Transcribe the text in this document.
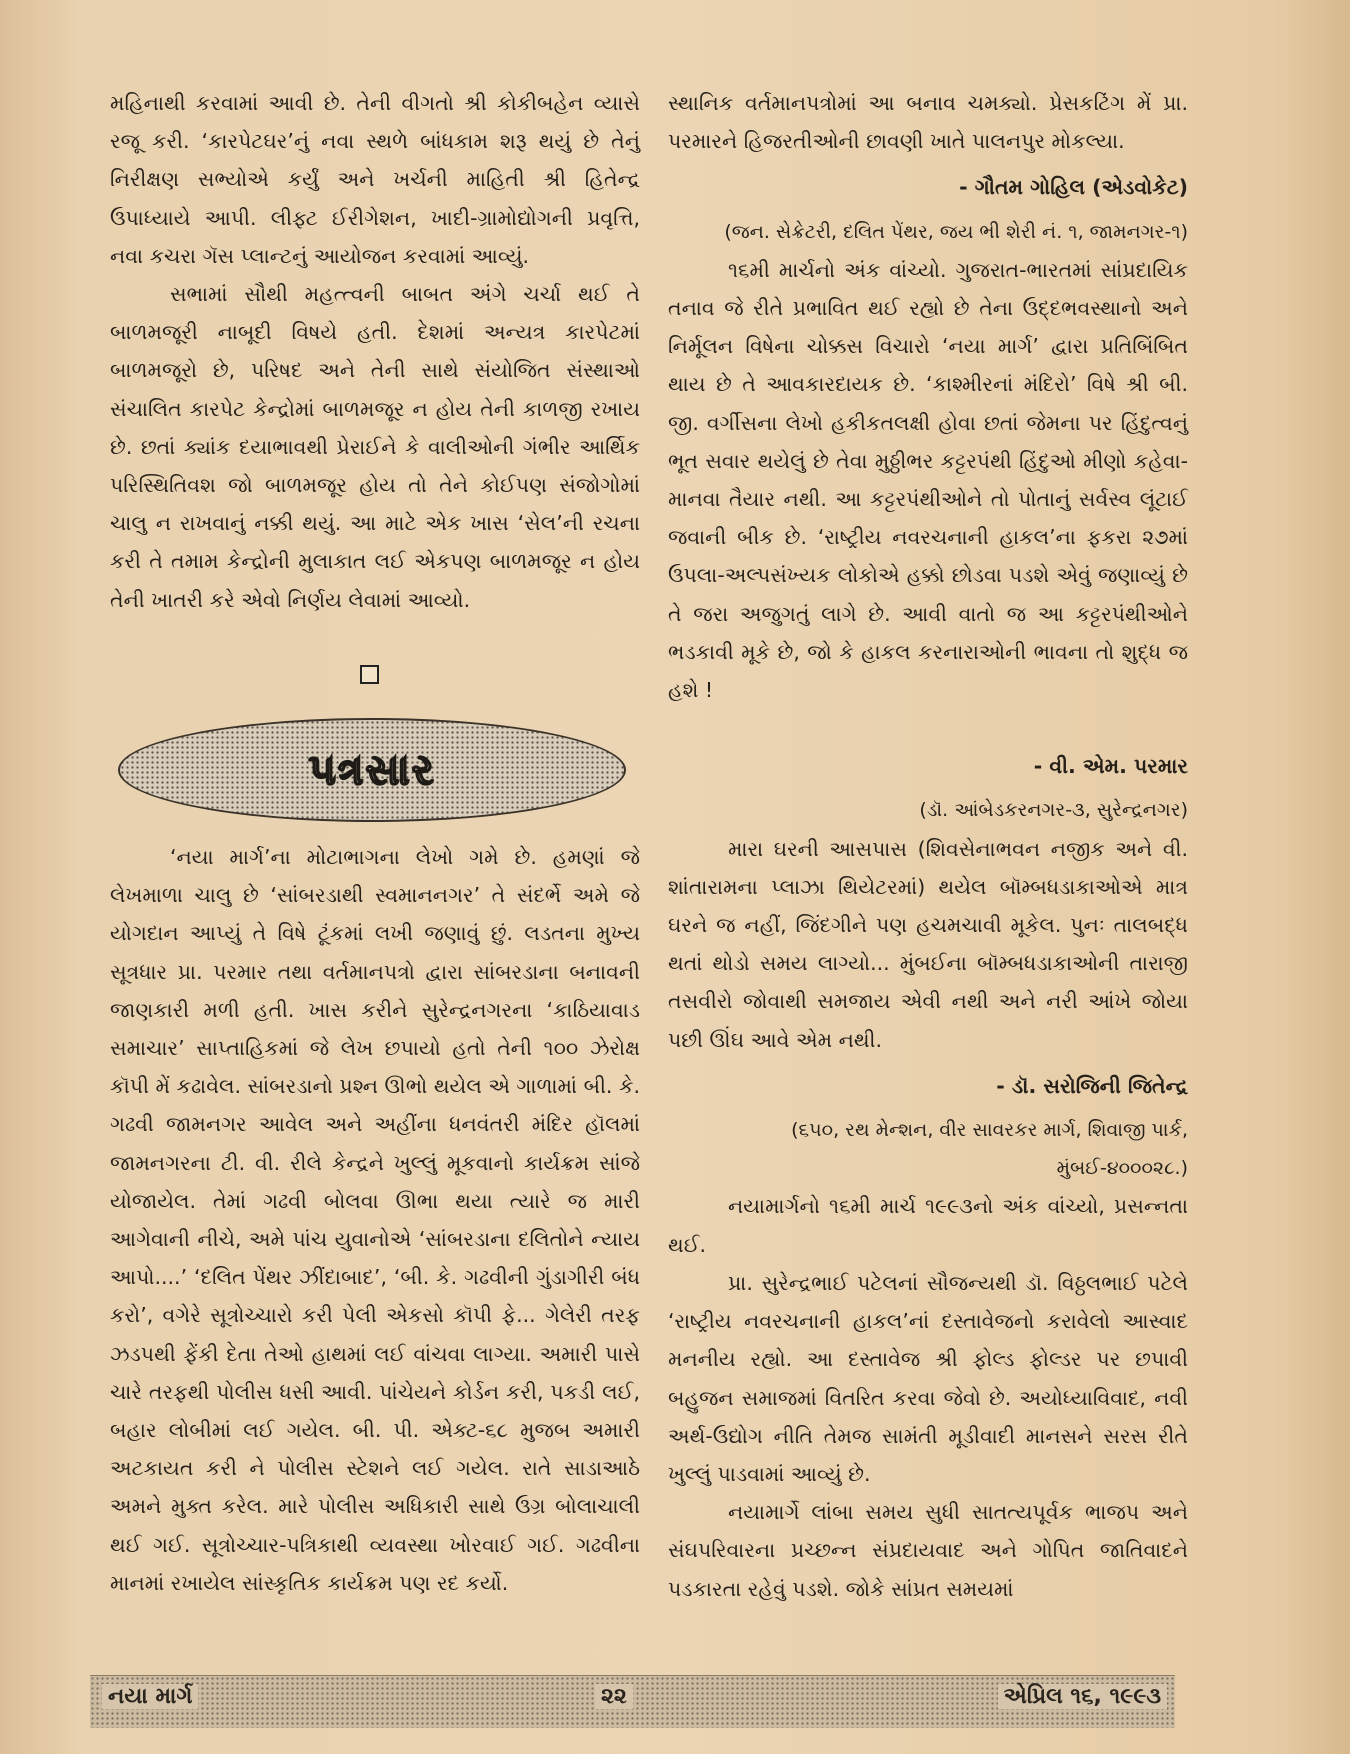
મહિનાથી કરવામાં આવી છે. તેની વીગતો શ્રી કોકીબહેન વ્યાસે રજૂ કરી. ‘કારપેટઘર’નું નવા સ્થળે બાંધકામ શરૂ થયું છે તેનું નિરીક્ષણ સભ્યોએ કર્યું અને ખર્ચની માહિતી શ્રી હિતેન્દ્ર ઉપાધ્યાયે આપી. લીફ્ટ ઈરીગેશન, ખાદી-ગ્રામોદ્યોગની પ્રવૃત્તિ, નવા કચરા ગૅસ પ્લાન્ટનું આયોજન કરવામાં આવ્યું.

સભામાં સૌથી મહત્ત્વની બાબત અંગે ચર્ચા થઈ તે બાળમજૂરી નાબૂદી વિષયે હતી. દેશમાં અન્યત્ર કારપેટમાં બાળમજૂરો છે, પરિષદ અને તેની સાથે સંયોજિત સંસ્થાઓ સંચાલિત કારપેટ કેન્દ્રોમાં બાળમજૂર ન હોય તેની કાળજી રખાય છે. છતાં ક્યાંક દયાભાવથી પ્રેરાઈને કે વાલીઓની ગંભીર આર્થિક પરિસ્થિતિવશ જો બાળમજૂર હોય તો તેને કોઈપણ સંજોગોમાં ચાલુ ન રાખવાનું નક્કી થયું. આ માટે એક ખાસ ‘સેલ’ની રચના કરી તે તમામ કેન્દ્રોની મુલાકાત લઈ એકપણ બાળમજૂર ન હોય તેની ખાતરી કરે એવો નિર્ણય લેવામાં આવ્યો.

પત્રસાર

‘નયા માર્ગ’ના મોટાભાગના લેખો ગમે છે. હમણાં જે લેખમાળા ચાલુ છે ‘સાંબરડાથી સ્વમાનનગર’ તે સંદર્ભે અમે જે યોગદાન આપ્યું તે વિષે ટૂંકમાં લખી જણાવું છું. લડતના મુખ્ય સૂત્રધાર પ્રા. પરમાર તથા વર્તમાનપત્રો દ્વારા સાંબરડાના બનાવની જાણકારી મળી હતી. ખાસ કરીને સુરેન્દ્રનગરના ‘કાઠિયાવાડ સમાચાર’ સાપ્તાહિકમાં જે લેખ છપાયો હતો તેની ૧૦૦ ઝેરોક્ષ કૉપી મેં કઢાવેલ. સાંબરડાનો પ્રશ્ન ઊભો થયેલ એ ગાળામાં બી. કે. ગઢવી જામનગર આવેલ અને અહીંના ધનવંતરી મંદિર હૉલમાં જામનગરના ટી. વી. રીલે કેન્દ્રને ખુલ્લું મૂકવાનો કાર્યક્રમ સાંજે યોજાયેલ. તેમાં ગઢવી બોલવા ઊભા થયા ત્યારે જ મારી આગેવાની નીચે, અમે પાંચ યુવાનોએ ‘સાંબરડાના દલિતોને ન્યાય આપો....’ ‘દલિત પેંથર ઝીંદાબાદ’, ‘બી. કે. ગઢવીની ગુંડાગીરી બંધ કરો’, વગેરે સૂત્રોચ્ચારો કરી પેલી એકસો કૉપી ફે... ગેલેરી તરફ ઝડપથી ફેંકી દેતા તેઓ હાથમાં લઈ વાંચવા લાગ્યા. અમારી પાસે ચારે તરફથી પોલીસ ધસી આવી. પાંચેયને કોર્ડન કરી, પકડી લઈ, બહાર લોબીમાં લઈ ગયેલ. બી. પી. એક્ટ-૬૮ મુજબ અમારી અટકાયત કરી ને પોલીસ સ્ટેશને લઈ ગયેલ. રાતે સાડાઆઠે અમને મુક્ત કરેલ. મારે પોલીસ અધિકારી સાથે ઉગ્ર બોલાચાલી થઈ ગઈ. સૂત્રોચ્ચાર-પત્રિકાથી વ્યવસ્થા ખોરવાઈ ગઈ. ગઢવીના માનમાં રખાયેલ સાંસ્કૃતિક કાર્યક્રમ પણ રદ કર્યો.

સ્થાનિક વર્તમાનપત્રોમાં આ બનાવ ચમક્યો. પ્રેસકટિંગ મેં પ્રા. પરમારને હિજરતીઓની છાવણી ખાતે પાલનપુર મોકલ્યા.

- ગૌતમ ગોહિલ (એડવોકેટ)

(જન. સેક્રેટરી, દલિત પેંથર, જય ભી શેરી નં. ૧, જામનગર-૧)

૧૬મી માર્ચનો અંક વાંચ્યો. ગુજરાત-ભારતમાં સાંપ્રદાયિક તનાવ જે રીતે પ્રભાવિત થઈ રહ્યો છે તેના ઉદ્દભવસ્થાનો અને નિર્મૂલન વિષેના ચોક્કસ વિચારો ‘નયા માર્ગ’ દ્વારા પ્રતિબિંબિત થાય છે તે આવકારદાયક છે. ‘કાશ્મીરનાં મંદિરો’ વિષે શ્રી બી. જી. વર્ગીસના લેખો હકીકતલક્ષી હોવા છતાં જેમના પર હિંદુત્વનું ભૂત સવાર થયેલું છે તેવા મુઠ્ઠીભર કટ્ટરપંથી હિંદુઓ મીણો કહેવા-માનવા તૈયાર નથી. આ કટ્ટરપંથીઓને તો પોતાનું સર્વસ્વ લૂંટાઈ જવાની બીક છે. ‘રાષ્ટ્રીય નવરચનાની હાકલ’ના ફકરા ૨૭માં ઉપલા-અલ્પસંખ્યક લોકોએ હક્કો છોડવા પડશે એવું જણાવ્યું છે તે જરા અજુગતું લાગે છે. આવી વાતો જ આ કટ્ટરપંથીઓને ભડકાવી મૂકે છે, જો કે હાકલ કરનારાઓની ભાવના તો શુદ્ધ જ હશે !

- વી. એમ. પરમાર

(ડૉ. આંબેડકરનગર-૩, સુરેન્દ્રનગર)

મારા ઘરની આસપાસ (શિવસેનાભવન નજીક અને વી. શાંતારામના પ્લાઝા થિયેટરમાં) થયેલ બૉમ્બધડાકાઓએ માત્ર ઘરને જ નહીં, જિંદગીને પણ હચમચાવી મૂકેલ. પુનઃ તાલબદ્ધ થતાં થોડો સમય લાગ્યો... મુંબઈના બૉમ્બધડાકાઓની તારાજી તસવીરો જોવાથી સમજાય એવી નથી અને નરી આંખે જોયા પછી ઊંઘ આવે એમ નથી.

- ડૉ. સરોજિની જિતેન્દ્ર

(૬૫૦, રથ મેન્શન, વીર સાવરકર માર્ગ, શિવાજી પાર્ક, મુંબઈ-૪૦૦૦૨૮.)

નયામાર્ગનો ૧૬મી માર્ચ ૧૯૯૩નો અંક વાંચ્યો, પ્રસન્નતા થઈ.

પ્રા. સુરેન્દ્રભાઈ પટેલનાં સૌજન્યથી ડૉ. વિઠ્ઠલભાઈ પટેલે ‘રાષ્ટ્રીય નવરચનાની હાકલ’નાં દસ્તાવેજનો કરાવેલો આસ્વાદ મનનીય રહ્યો. આ દસ્તાવેજ શ્રી ફોલ્ડ ફોલ્ડર પર છપાવી બહુજન સમાજમાં વિતરિત કરવા જેવો છે. અયોધ્યાવિવાદ, નવી અર્થ-ઉદ્યોગ નીતિ તેમજ સામંતી મૂડીવાદી માનસને સરસ રીતે ખુલ્લું પાડવામાં આવ્યું છે.

નયામાર્ગે લાંબા સમય સુધી સાતત્યપૂર્વક ભાજપ અને સંઘપરિવારના પ્રચ્છન્ન સંપ્રદાયવાદ અને ગોપિત જાતિવાદને પડકારતા રહેવું પડશે. જોકે સાંપ્રત સમયમાં

નયા માર્ગ	૨૨	એપ્રિલ ૧૬, ૧૯૯૩
